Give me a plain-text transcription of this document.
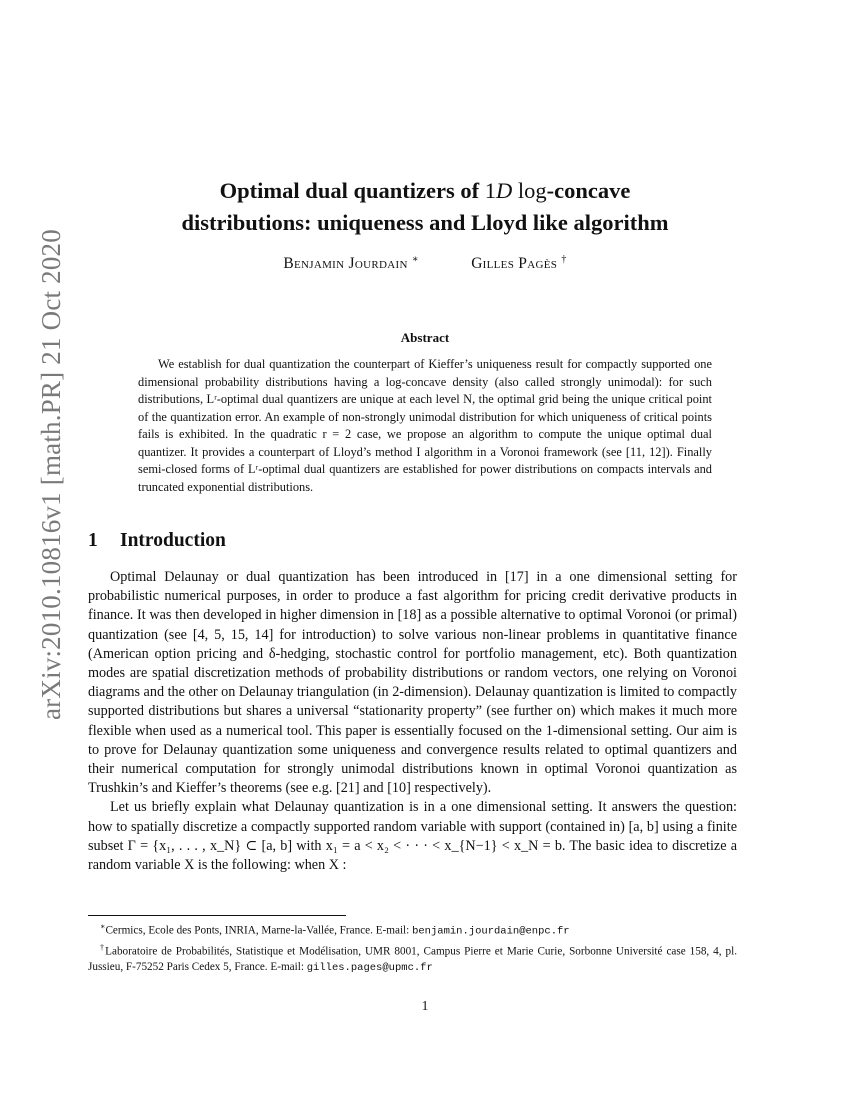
arXiv:2010.10816v1 [math.PR] 21 Oct 2020
Optimal dual quantizers of 1D log-concave
distributions: uniqueness and Lloyd like algorithm
Benjamin Jourdain ∗	Gilles Pagès †
Abstract

We establish for dual quantization the counterpart of Kieffer’s uniqueness result for compactly supported one dimensional probability distributions having a log-concave density (also called strongly unimodal): for such distributions, Lʳ-optimal dual quantizers are unique at each level N, the optimal grid being the unique critical point of the quantization error. An example of non-strongly unimodal distribution for which uniqueness of critical points fails is exhibited. In the quadratic r = 2 case, we propose an algorithm to compute the unique optimal dual quantizer. It provides a counterpart of Lloyd’s method I algorithm in a Voronoi framework (see [11, 12]). Finally semi-closed forms of Lʳ-optimal dual quantizers are established for power distributions on compacts intervals and truncated exponential distributions.

1 Introduction

Optimal Delaunay or dual quantization has been introduced in [17] in a one dimensional setting for probabilistic numerical purposes, in order to produce a fast algorithm for pricing credit derivative products in finance. It was then developed in higher dimension in [18] as a possible alternative to optimal Voronoi (or primal) quantization (see [4, 5, 15, 14] for introduction) to solve various non-linear problems in quantitative finance (American option pricing and δ-hedging, stochastic control for portfolio management, etc). Both quantization modes are spatial discretization methods of probability distributions or random vectors, one relying on Voronoi diagrams and the other on Delaunay triangulation (in 2-dimension). Delaunay quantization is limited to compactly supported distributions but shares a universal “stationarity property” (see further on) which makes it much more flexible when used as a numerical tool. This paper is essentially focused on the 1-dimensional setting. Our aim is to prove for Delaunay quantization some uniqueness and convergence results related to optimal quantizers and their numerical computation for strongly unimodal distributions known in optimal Voronoi quantization as Trushkin’s and Kieffer’s theorems (see e.g. [21] and [10] respectively).

Let us briefly explain what Delaunay quantization is in a one dimensional setting. It answers the question: how to spatially discretize a compactly supported random variable with support (contained in) [a, b] using a finite subset Γ = {x₁, . . . , x_N} ⊂ [a, b] with x₁ = a < x₂ < · · · < x_{N−1} < x_N = b. The basic idea to discretize a random variable X is the following: when X :

∗Cermics, Ecole des Ponts, INRIA, Marne-la-Vallée, France. E-mail: benjamin.jourdain@enpc.fr

†Laboratoire de Probabilités, Statistique et Modélisation, UMR 8001, Campus Pierre et Marie Curie, Sorbonne Université case 158, 4, pl. Jussieu, F-75252 Paris Cedex 5, France. E-mail: gilles.pages@upmc.fr

1
